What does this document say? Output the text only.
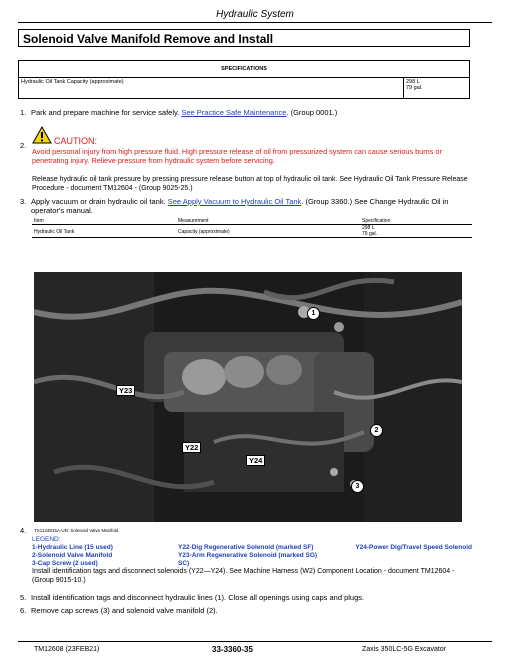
Hydraulic System
Solenoid Valve Manifold Remove and Install
SPECIFICATIONS
Hydraulic Oil Tank Capacity (approximate)	298 L
79 gal.
1. Park and prepare machine for service safely. See Practice Safe Maintenance. (Group 0001.)
2.	CAUTION:
Avoid personal injury from high pressure fluid. High pressure release of oil from pressurized system can cause serious burns or penetrating injury. Relieve pressure from hydraulic system before servicing.
Release hydraulic oil tank pressure by pressing pressure release button at top of hydraulic oil tank. See Hydraulic Oil Tank Pressure Release Procedure - document TM12604 - (Group 9025-25.)
3. Apply vacuum or drain hydraulic oil tank. See Apply Vacuum to Hydraulic Oil Tank. (Group 3360.) See Change Hydraulic Oil in operator's manual.
Item	Measurement	Specification
Hydraulic Oil Tank	Capacity (approximate)	298 L
79 gal.
Y23
Y22
Y24
1
2
3
4. TX1134815A-UN: Solenoid Valve Manifold
LEGEND:
1-Hydraulic Line (15 used)
2-Solenoid Valve Manifold
3-Cap Screw (2 used)
Y22-Dig Regenerative Solenoid (marked SF)
Y23-Arm Regenerative Solenoid (marked SG)
SC)
Y24-Power Dig/Travel Speed Solenoid
Install identification tags and disconnect solenoids (Y22—Y24). See Machine Harness (W2) Component Location - document TM12604 - (Group 9015-10.)
5. Install identification tags and disconnect hydraulic lines (1). Close all openings using caps and plugs.
6. Remove cap screws (3) and solenoid valve manifold (2).
TM12608 (23FEB21)	33-3360-35	Zaxis 350LC-5G Excavator
